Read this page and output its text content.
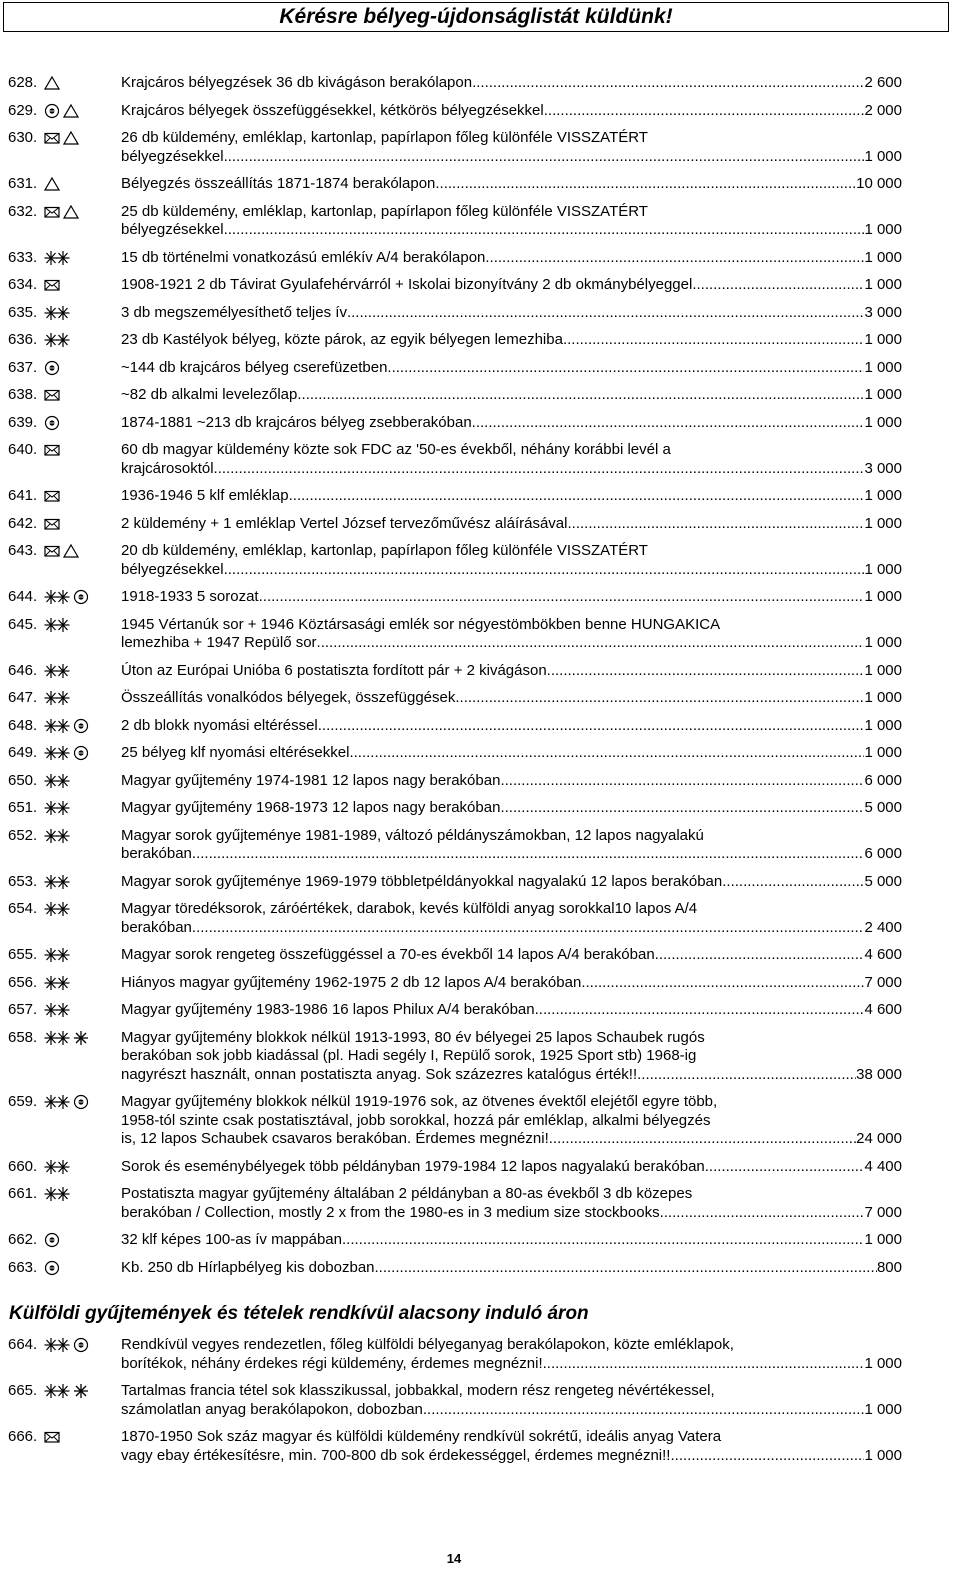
Kérésre bélyeg-újdonságlistát küldünk!
628.	Krajcáros bélyegzések 36 db kivágáson berakólapon .....	2 600
629.	Krajcáros bélyegek összefüggésekkel, kétkörös bélyegzésekkel .....	2 000
630.	26 db küldemény, emléklap, kartonlap, papírlapon főleg különféle VISSZATÉRT
bélyegzésekkel .....	1 000
631.	Bélyegzés összeállítás 1871-1874 berakólapon .....	10 000
632.	25 db küldemény, emléklap, kartonlap, papírlapon főleg különféle VISSZATÉRT
bélyegzésekkel .....	1 000
633.	15 db történelmi vonatkozású emlékív A/4 berakólapon .....	1 000
634.	1908-1921 2 db Távirat Gyulafehérvárról + Iskolai bizonyítvány 2 db okmánybélyeggel .....	1 000
635.	3 db megszemélyesíthető teljes ív .....	3 000
636.	23 db Kastélyok bélyeg, közte párok, az egyik bélyegen lemezhiba .....	1 000
637.	~144 db krajcáros bélyeg cserefüzetben .....	1 000
638.	~82 db alkalmi levelezőlap .....	1 000
639.	1874-1881 ~213 db krajcáros bélyeg zsebberakóban .....	1 000
640.	60 db magyar küldemény közte sok FDC az '50-es évekből, néhány korábbi levél a
krajcárosoktól .....	3 000
641.	1936-1946 5 klf emléklap .....	1 000
642.	2 küldemény + 1 emléklap Vertel József tervezőművész aláírásával .....	1 000
643.	20 db küldemény, emléklap, kartonlap, papírlapon főleg különféle VISSZATÉRT
bélyegzésekkel .....	1 000
644.	1918-1933 5 sorozat .....	1 000
645.	1945 Vértanúk sor + 1946 Köztársasági emlék sor négyestömbökben benne HUNGAKICA
lemezhiba + 1947 Repülő sor .....	1 000
646.	Úton az Európai Unióba 6 postatiszta fordított pár + 2 kivágáson .....	1 000
647.	Összeállítás vonalkódos bélyegek, összefüggések .....	1 000
648.	2 db blokk nyomási eltéréssel .....	1 000
649.	25 bélyeg klf nyomási eltérésekkel .....	1 000
650.	Magyar gyűjtemény 1974-1981 12 lapos nagy berakóban .....	6 000
651.	Magyar gyűjtemény 1968-1973 12 lapos nagy berakóban .....	5 000
652.	Magyar sorok gyűjteménye 1981-1989, változó példányszámokban, 12 lapos nagyalakú
berakóban .....	6 000
653.	Magyar sorok gyűjteménye 1969-1979 többletpéldányokkal nagyalakú 12 lapos berakóban .....	5 000
654.	Magyar töredéksorok, záróértékek, darabok, kevés külföldi anyag sorokkal10 lapos A/4
berakóban .....	2 400
655.	Magyar sorok rengeteg összefüggéssel a 70-es évekből 14 lapos A/4 berakóban .....	4 600
656.	Hiányos magyar gyűjtemény 1962-1975 2 db 12 lapos A/4 berakóban .....	7 000
657.	Magyar gyűjtemény 1983-1986 16 lapos Philux A/4 berakóban .....	4 600
658.	Magyar gyűjtemény blokkok nélkül 1913-1993, 80 év bélyegei 25 lapos Schaubek rugós
berakóban sok jobb kiadással (pl. Hadi segély I, Repülő sorok, 1925 Sport stb) 1968-ig
nagyrészt használt, onnan postatiszta anyag. Sok százezres katalógus érték!! .....	38 000
659.	Magyar gyűjtemény blokkok nélkül 1919-1976 sok, az ötvenes évektől elejétől egyre több,
1958-tól szinte csak postatisztával, jobb sorokkal, hozzá pár emléklap, alkalmi bélyegzés
is, 12 lapos Schaubek csavaros berakóban. Érdemes megnézni! .....	24 000
660.	Sorok és eseménybélyegek több példányban 1979-1984 12 lapos nagyalakú berakóban .....	4 400
661.	Postatiszta magyar gyűjtemény általában 2 példányban a 80-as évekből 3 db közepes
berakóban / Collection, mostly 2 x from the 1980-es in 3 medium size stockbooks .....	7 000
662.	32 klf képes 100-as ív mappában .....	1 000
663.	Kb. 250 db Hírlapbélyeg kis dobozban .....	800
Külföldi gyűjtemények és tételek rendkívül alacsony induló áron
664.	Rendkívül vegyes rendezetlen, főleg külföldi bélyeganyag berakólapokon, közte emléklapok,
borítékok, néhány érdekes régi küldemény, érdemes megnézni! .....	1 000
665.	Tartalmas francia tétel sok klasszikussal, jobbakkal, modern rész rengeteg névértékessel,
számolatlan anyag berakólapokon, dobozban .....	1 000
666.	1870-1950 Sok száz magyar és külföldi küldemény rendkívül sokrétű, ideális anyag Vatera
vagy ebay értékesítésre, min. 700-800 db sok érdekességgel, érdemes megnézni!! .....	1 000
14
